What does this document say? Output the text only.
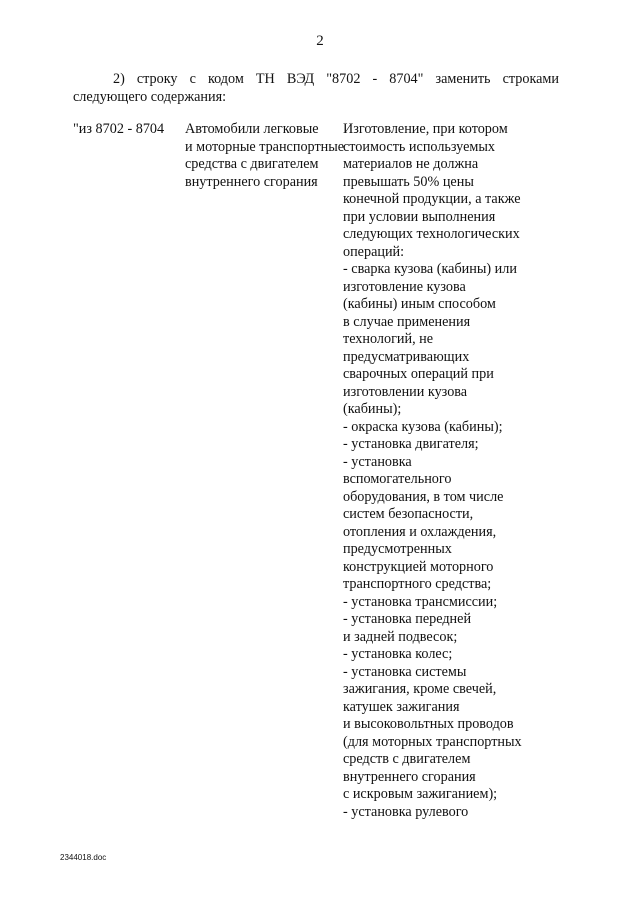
2
2) строку с кодом ТН ВЭД "8702 - 8704" заменить строками
следующего содержания:
"из 8702 - 8704 Автомобили легковые
и моторные транспортные
средства с двигателем
внутреннего сгорания
Изготовление, при котором
стоимость используемых
материалов не должна
превышать 50% цены
конечной продукции, а также
при условии выполнения
следующих технологических
операций:
- сварка кузова (кабины) или
изготовление кузова
(кабины) иным способом
в случае применения
технологий, не
предусматривающих
сварочных операций при
изготовлении кузова
(кабины);
- окраска кузова (кабины);
- установка двигателя;
- установка
вспомогательного
оборудования, в том числе
систем безопасности,
отопления и охлаждения,
предусмотренных
конструкцией моторного
транспортного средства;
- установка трансмиссии;
- установка передней
и задней подвесок;
- установка колес;
- установка системы
зажигания, кроме свечей,
катушек зажигания
и высоковольтных проводов
(для моторных транспортных
средств с двигателем
внутреннего сгорания
с искровым зажиганием);
- установка рулевого
2344018.doc
